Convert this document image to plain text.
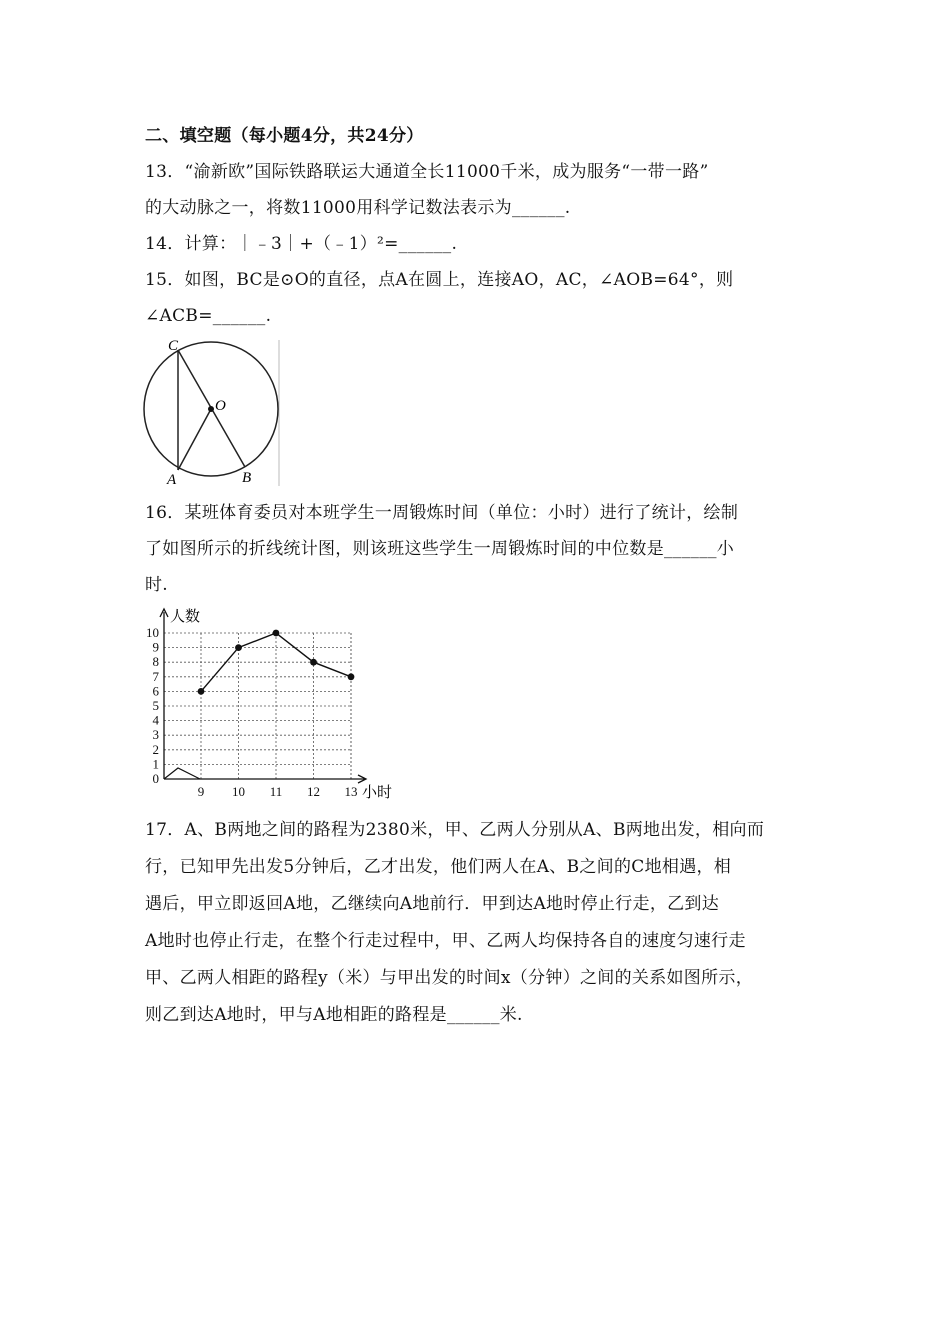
二、填空题（每小题4分，共24分）
13．“渝新欧”国际铁路联运大通道全长11000千米，成为服务“一带一路”
的大动脉之一，将数11000用科学记数法表示为______.
14．计算：｜﹣3｜+（﹣1）²=______.
15．如图，BC是⊙O的直径，点A在圆上，连接AO，AC，∠AOB=64°，则
∠ACB=______.
C
O
A	B
16．某班体育委员对本班学生一周锻炼时间（单位：小时）进行了统计，绘制
了如图所示的折线统计图，则该班这些学生一周锻炼时间的中位数是______小
时.
0
1
2
3
4
5
6
7
8
9
10
9 10 11 12 13
人数
小时
17．A、B两地之间的路程为2380米，甲、乙两人分别从A、B两地出发，相向而
行，已知甲先出发5分钟后，乙才出发，他们两人在A、B之间的C地相遇，相
遇后，甲立即返回A地，乙继续向A地前行．甲到达A地时停止行走，乙到达
A地时也停止行走，在整个行走过程中，甲、乙两人均保持各自的速度匀速行走
甲、乙两人相距的路程y（米）与甲出发的时间x（分钟）之间的关系如图所示，
则乙到达A地时，甲与A地相距的路程是______米.
